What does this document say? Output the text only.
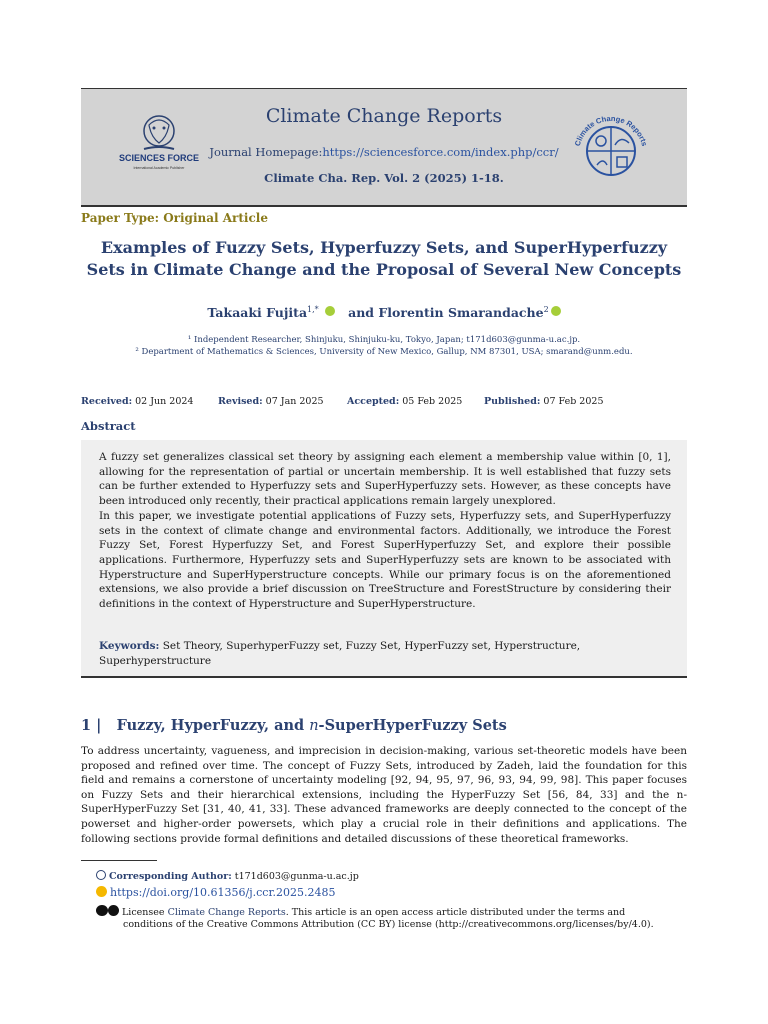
SCIENCES FORCE
International Academic Publisher
Climate Change Reports
Journal Homepage:https://sciencesforce.com/index.php/ccr/
Climate Cha. Rep. Vol. 2 (2025) 1-18.
Climate Change Reports
Paper Type: Original Article
Examples of Fuzzy Sets, Hyperfuzzy Sets, and SuperHyperfuzzy
Sets in Climate Change and the Proposal of Several New Concepts
Takaaki Fujita$^{1,*}$ and Florentin Smarandache$^2$
¹ Independent Researcher, Shinjuku, Shinjuku-ku, Tokyo, Japan; t171d603@gunma-u.ac.jp.
² Department of Mathematics & Sciences, University of New Mexico, Gallup, NM 87301, USA; smarand@unm.edu.
Received: 02 Jun 2024	Revised: 07 Jan 2025 Accepted: 05 Feb 2025 Published: 07 Feb 2025
Abstract

A fuzzy set generalizes classical set theory by assigning each element a membership value within [0, 1], allowing for the representation of partial or uncertain membership. It is well established that fuzzy sets can be further extended to Hyperfuzzy sets and SuperHyperfuzzy sets. However, as these concepts have been introduced only recently, their practical applications remain largely unexplored.

In this paper, we investigate potential applications of Fuzzy sets, Hyperfuzzy sets, and SuperHyperfuzzy sets in the context of climate change and environmental factors. Additionally, we introduce the Forest Fuzzy Set, Forest Hyperfuzzy Set, and Forest SuperHyperfuzzy Set, and explore their possible applications. Furthermore, Hyperfuzzy sets and SuperHyperfuzzy sets are known to be associated with Hyperstructure and SuperHyperstructure concepts. While our primary focus is on the aforementioned extensions, we also provide a brief discussion on TreeStructure and ForestStructure by considering their definitions in the context of Hyperstructure and SuperHyperstructure.

Keywords: Set Theory, SuperhyperFuzzy set, Fuzzy Set, HyperFuzzy set, Hyperstructure, Superhyperstructure
1 | Fuzzy, HyperFuzzy, and n-SuperHyperFuzzy Sets
To address uncertainty, vagueness, and imprecision in decision-making, various set-theoretic models have been proposed and refined over time. The concept of Fuzzy Sets, introduced by Zadeh, laid the foundation for this field and remains a cornerstone of uncertainty modeling [92, 94, 95, 97, 96, 93, 94, 99, 98]. This paper focuses on Fuzzy Sets and their hierarchical extensions, including the HyperFuzzy Set [56, 84, 33] and the n-SuperHyperFuzzy Set [31, 40, 41, 33]. These advanced frameworks are deeply connected to the concept of the powerset and higher-order powersets, which play a crucial role in their definitions and applications. The following sections provide formal definitions and detailed discussions of these theoretical frameworks.
Corresponding Author: t171d603@gunma-u.ac.jp
https://doi.org/10.61356/j.ccr.2025.2485
Licensee Climate Change Reports. This article is an open access article distributed under the terms and
conditions of the Creative Commons Attribution (CC BY) license (http://creativecommons.org/licenses/by/4.0).
